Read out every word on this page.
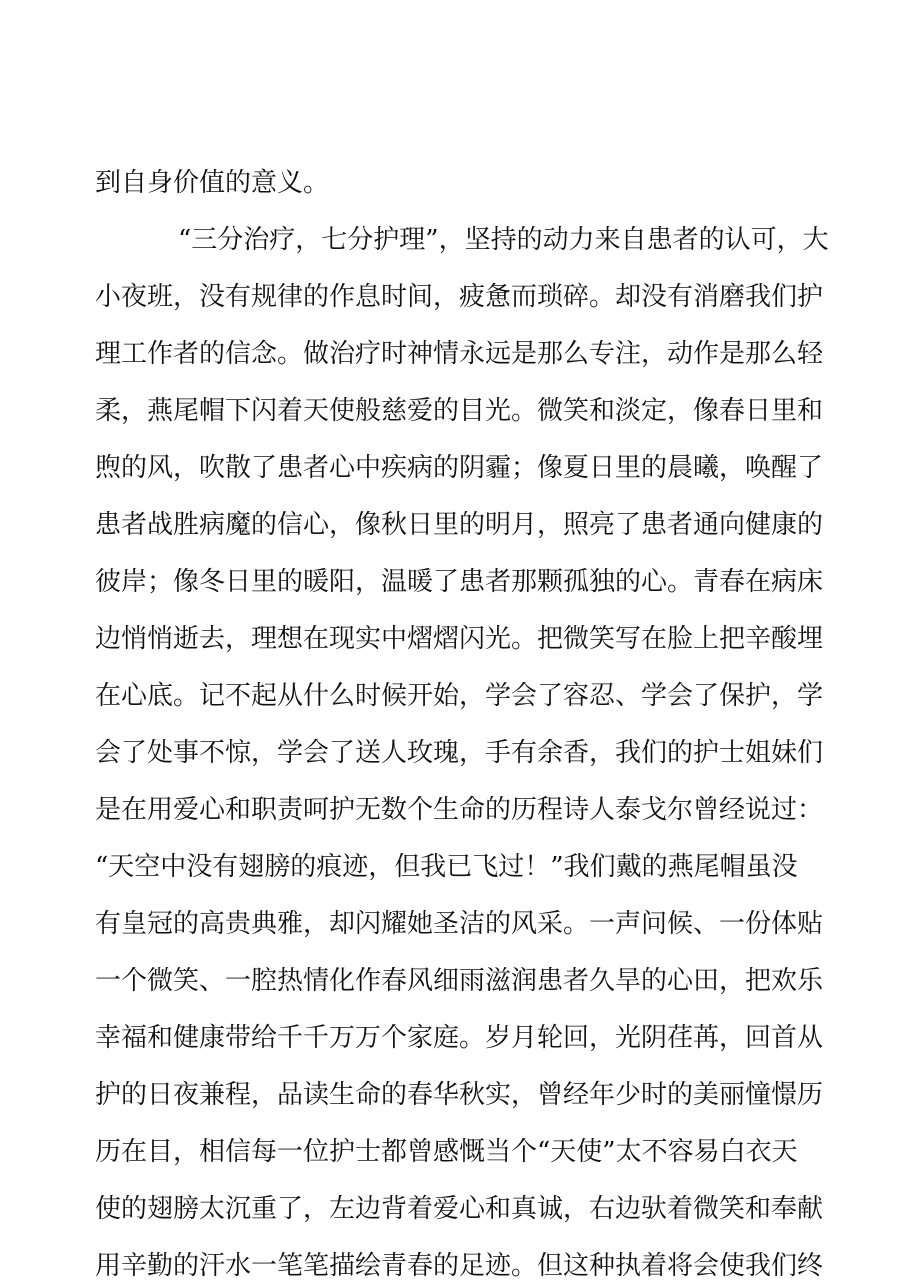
到自身价值的意义。
“三分治疗，七分护理”，坚持的动力来自患者的认可，大
小夜班，没有规律的作息时间，疲惫而琐碎。却没有消磨我们护
理工作者的信念。做治疗时神情永远是那么专注，动作是那么轻
柔，燕尾帽下闪着天使般慈爱的目光。微笑和淡定，像春日里和
煦的风，吹散了患者心中疾病的阴霾；像夏日里的晨曦，唤醒了
患者战胜病魔的信心，像秋日里的明月，照亮了患者通向健康的
彼岸；像冬日里的暖阳，温暖了患者那颗孤独的心。青春在病床
边悄悄逝去，理想在现实中熠熠闪光。把微笑写在脸上把辛酸埋
在心底。记不起从什么时候开始，学会了容忍、学会了保护，学
会了处事不惊，学会了送人玫瑰，手有余香，我们的护士姐妹们
是在用爱心和职责呵护无数个生命的历程诗人泰戈尔曾经说过：
“天空中没有翅膀的痕迹，但我已飞过！”我们戴的燕尾帽虽没
有皇冠的高贵典雅，却闪耀她圣洁的风采。一声问候、一份体贴
一个微笑、一腔热情化作春风细雨滋润患者久旱的心田，把欢乐
幸福和健康带给千千万万个家庭。岁月轮回，光阴荏苒，回首从
护的日夜兼程，品读生命的春华秋实，曾经年少时的美丽憧憬历
历在目，相信每一位护士都曾感慨当个“天使”太不容易白衣天
使的翅膀太沉重了，左边背着爱心和真诚，右边驮着微笑和奉献
用辛勤的汗水一笔笔描绘青春的足迹。但这种执着将会使我们终
